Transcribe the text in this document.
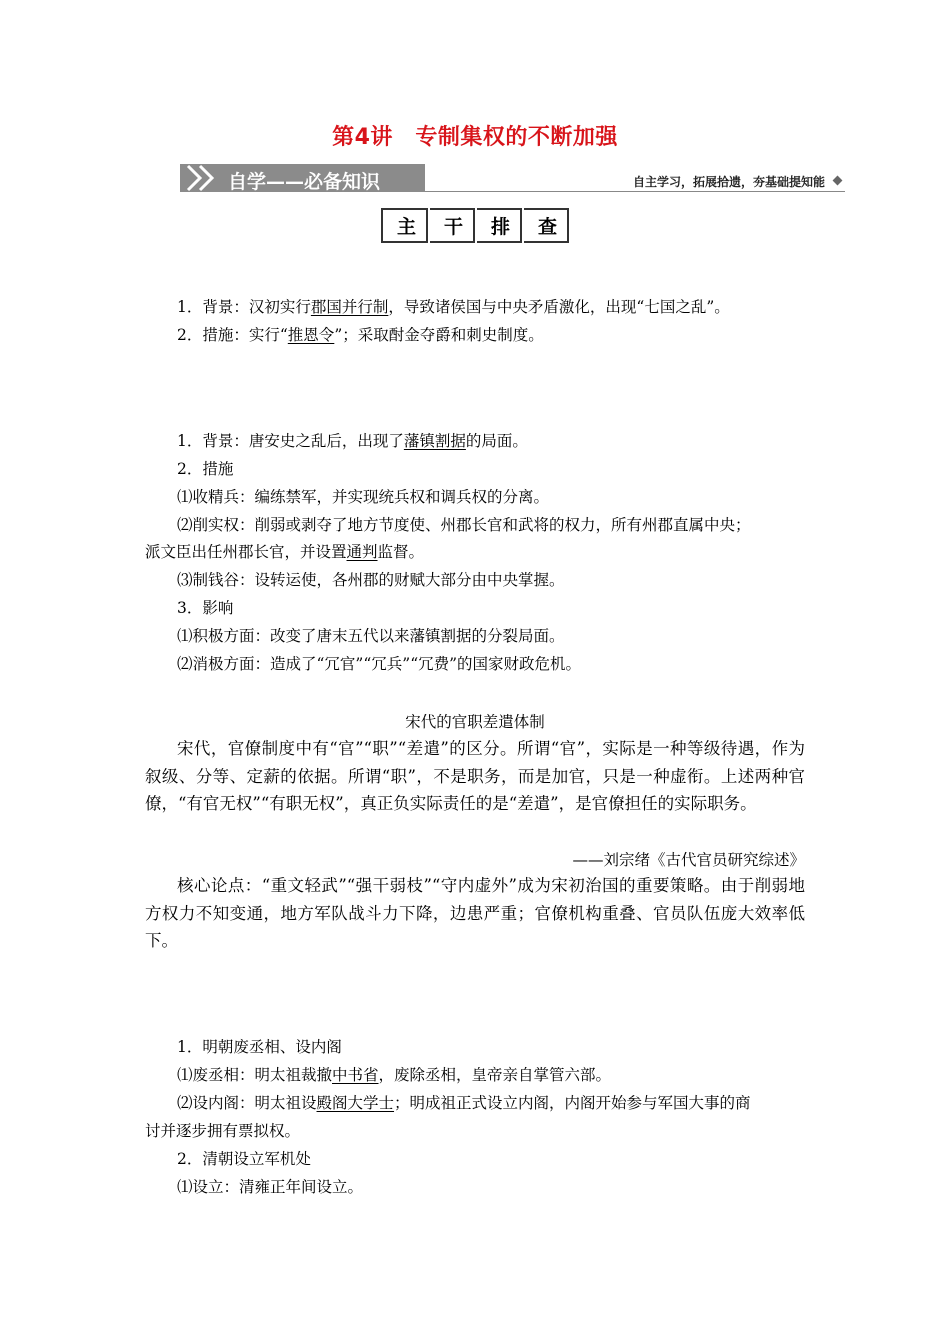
第4讲　专制集权的不断加强
自学——必备知识	自主学习，拓展拾遗，夯基础提知能
主	干	排	查
1．背景：汉初实行郡国并行制，导致诸侯国与中央矛盾激化，出现“七国之乱”。
2．措施：实行“推恩令”；采取酎金夺爵和刺史制度。
1．背景：唐安史之乱后，出现了藩镇割据的局面。
2．措施
⑴收精兵：编练禁军，并实现统兵权和调兵权的分离。
⑵削实权：削弱或剥夺了地方节度使、州郡长官和武将的权力，所有州郡直属中央；
派文臣出任州郡长官，并设置通判监督。
⑶制钱谷：设转运使，各州郡的财赋大部分由中央掌握。
3．影响
⑴积极方面：改变了唐末五代以来藩镇割据的分裂局面。
⑵消极方面：造成了“冗官”“冗兵”“冗费”的国家财政危机。
宋代的官职差遣体制
宋代，官僚制度中有“官”“职”“差遣”的区分。所谓“官”，实际是一种等级待遇，作为叙级、分等、定薪的依据。所谓“职”，不是职务，而是加官，只是一种虚衔。上述两种官僚，“有官无权”“有职无权”，真正负实际责任的是“差遣”，是官僚担任的实际职务。
——刘宗绪《古代官员研究综述》
核心论点：“重文轻武”“强干弱枝”“守内虚外”成为宋初治国的重要策略。由于削弱地方权力不知变通，地方军队战斗力下降，边患严重；官僚机构重叠、官员队伍庞大效率低下。
1．明朝废丞相、设内阁
⑴废丞相：明太祖裁撤中书省，废除丞相，皇帝亲自掌管六部。
⑵设内阁：明太祖设殿阁大学士；明成祖正式设立内阁，内阁开始参与军国大事的商
讨并逐步拥有票拟权。
2．清朝设立军机处
⑴设立：清雍正年间设立。
